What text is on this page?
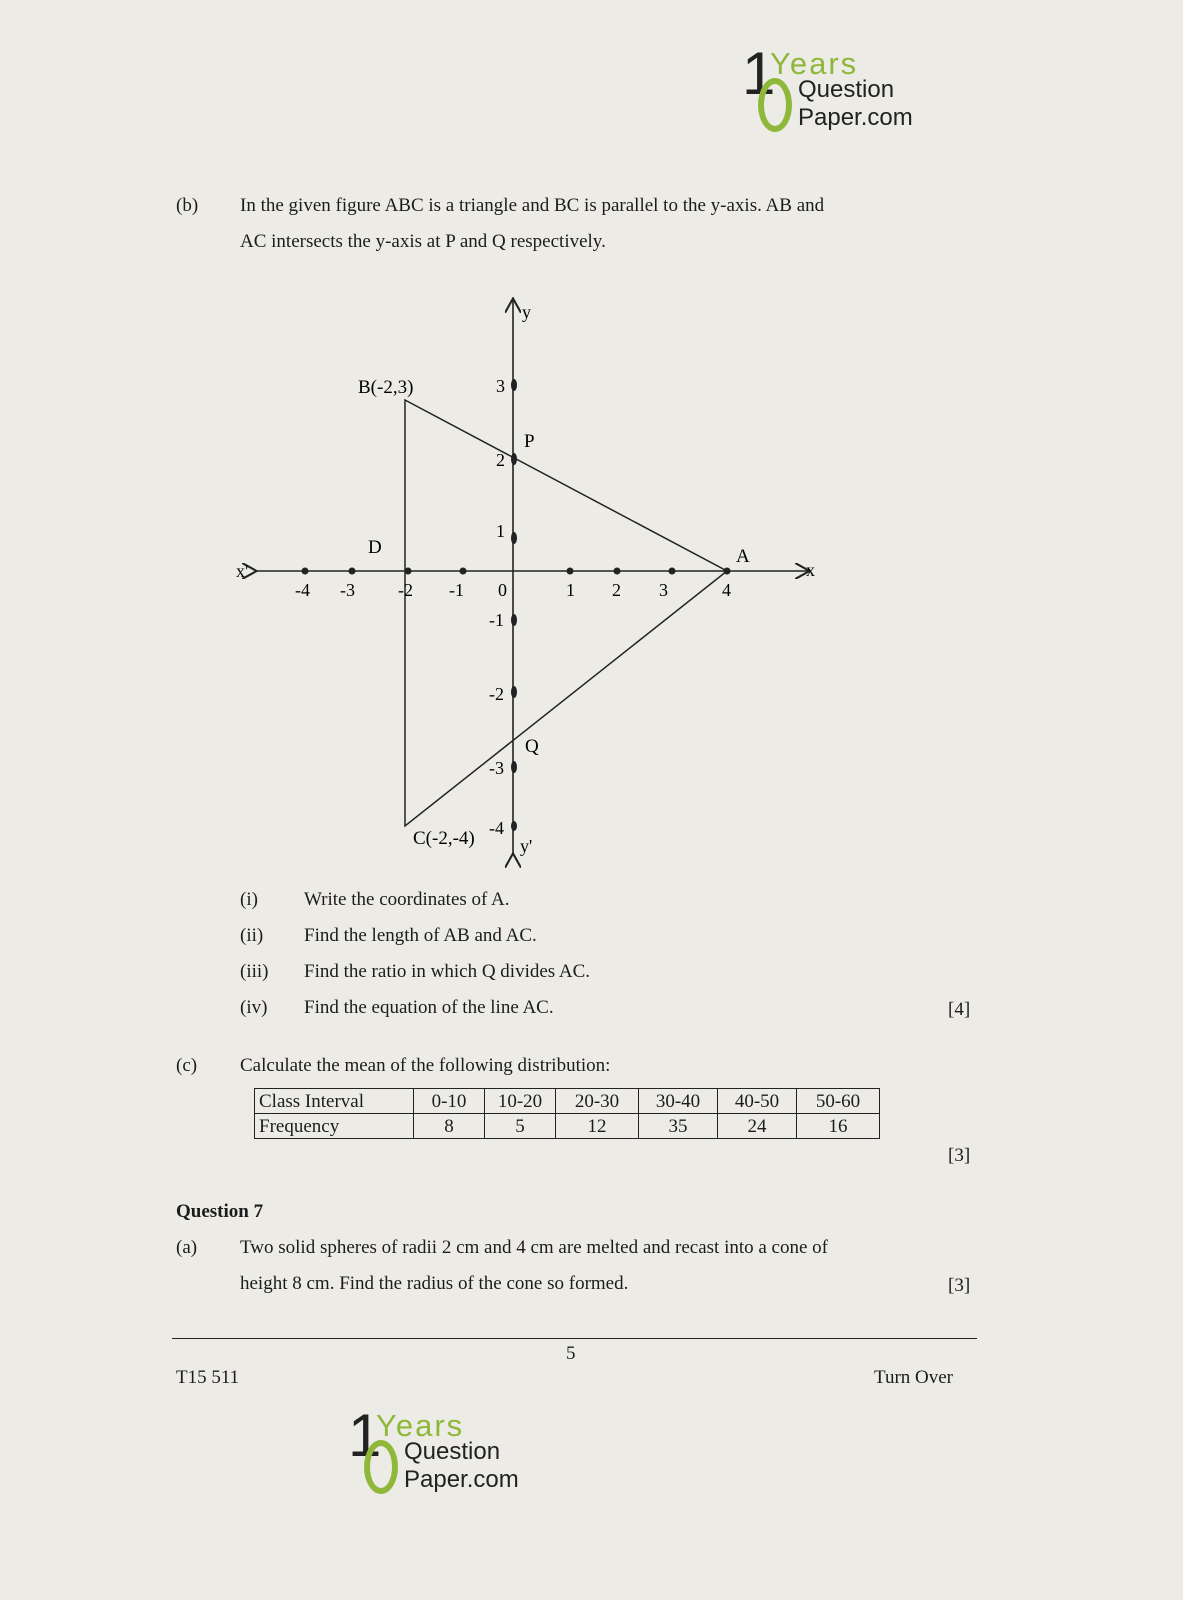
1
Years
Question
Paper.com
(b) In the given figure ABC is a triangle and BC is parallel to the y-axis. AB and
AC intersects the y-axis at P and Q respectively.
B(-2,3)
C(-2,-4)
A
P
Q
D
x
x'
y
y'
-4 -3 -2 -1 0	1 2 3	4
3
2
1
-1
-2
-3
-4
(i) Write the coordinates of A.
(ii) Find the length of AB and AC.
(iii) Find the ratio in which Q divides AC.
(iv) Find the equation of the line AC.	[4]
(c) Calculate the mean of the following distribution:
Class Interval	0-10	10-20	20-30	30-40	40-50	50-60
Frequency	8	5	12	35	24	16
[3]
Question 7
(a) Two solid spheres of radii 2 cm and 4 cm are melted and recast into a cone of
height 8 cm. Find the radius of the cone so formed.	[3]
5
T15 511	Turn Over
1
Years
Question
Paper.com
